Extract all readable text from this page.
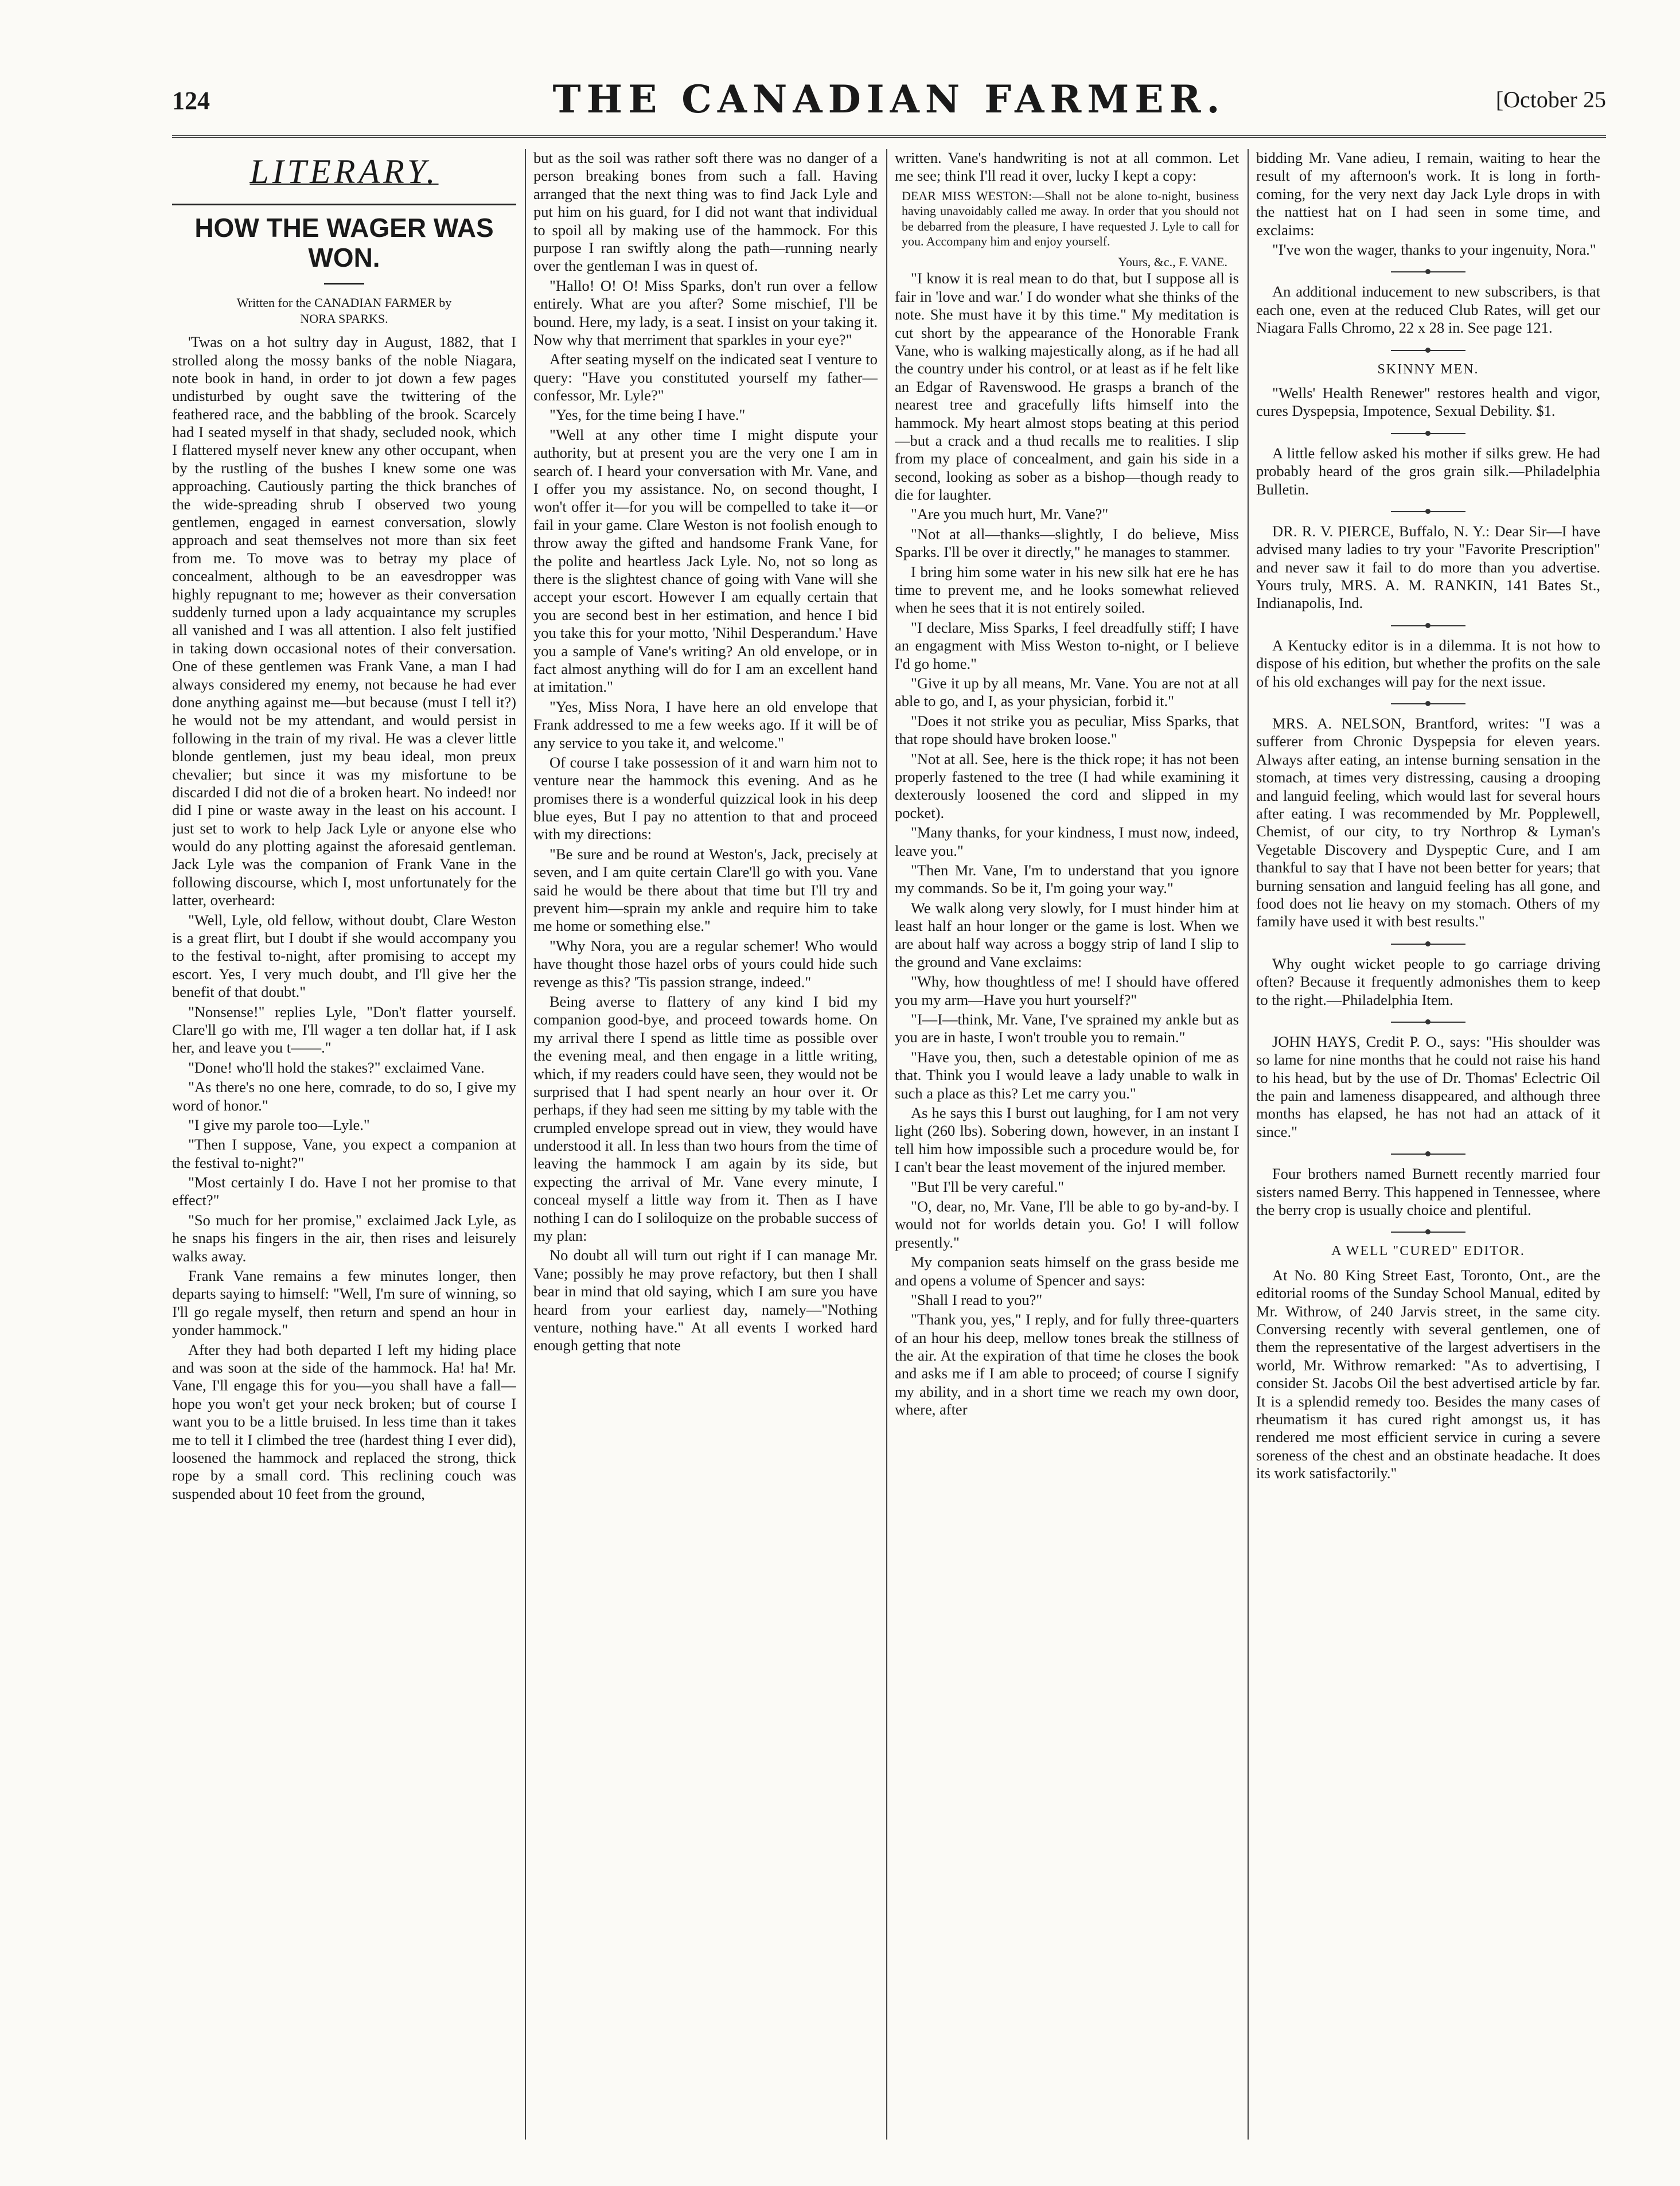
124	THE CANADIAN FARMER.	[October 25
LITERARY.
HOW THE WAGER WAS WON.
Written for the CANADIAN FARMER by
NORA SPARKS.

'Twas on a hot sultry day in August, 1882, that I strolled along the mossy banks of the noble Niagara, note book in hand, in order to jot down a few pages undisturbed by ought save the twittering of the feathered race, and the babbling of the brook. Scarcely had I seated myself in that shady, secluded nook, which I flattered myself never knew any other occupant, when by the rustling of the bushes I knew some one was approaching. Cautiously parting the thick branches of the wide-spreading shrub I observed two young gentlemen, engaged in earnest conversation, slowly approach and seat themselves not more than six feet from me. To move was to betray my place of concealment, although to be an eavesdropper was highly repugnant to me; however as their conversation suddenly turned upon a lady acquaintance my scruples all vanished and I was all attention. I also felt justified in taking down occasional notes of their conversation. One of these gentlemen was Frank Vane, a man I had always considered my enemy, not because he had ever done anything against me—but because (must I tell it?) he would not be my attendant, and would persist in following in the train of my rival. He was a clever little blonde gentlemen, just my beau ideal, mon preux chevalier; but since it was my misfortune to be discarded I did not die of a broken heart. No indeed! nor did I pine or waste away in the least on his account. I just set to work to help Jack Lyle or anyone else who would do any plotting against the aforesaid gentleman. Jack Lyle was the companion of Frank Vane in the following discourse, which I, most unfortunately for the latter, overheard:

"Well, Lyle, old fellow, without doubt, Clare Weston is a great flirt, but I doubt if she would accompany you to the festival to-night, after promising to accept my escort. Yes, I very much doubt, and I'll give her the benefit of that doubt."

"Nonsense!" replies Lyle, "Don't flatter yourself. Clare'll go with me, I'll wager a ten dollar hat, if I ask her, and leave you t——."

"Done! who'll hold the stakes?" exclaimed Vane.

"As there's no one here, comrade, to do so, I give my word of honor."

"I give my parole too—Lyle."

"Then I suppose, Vane, you expect a companion at the festival to-night?"

"Most certainly I do. Have I not her promise to that effect?"

"So much for her promise," exclaimed Jack Lyle, as he snaps his fingers in the air, then rises and leisurely walks away.

Frank Vane remains a few minutes longer, then departs saying to himself: "Well, I'm sure of winning, so I'll go regale myself, then return and spend an hour in yonder hammock."

After they had both departed I left my hiding place and was soon at the side of the hammock. Ha! ha! Mr. Vane, I'll engage this for you—you shall have a fall—hope you won't get your neck broken; but of course I want you to be a little bruised. In less time than it takes me to tell it I climbed the tree (hardest thing I ever did), loosened the hammock and replaced the strong, thick rope by a small cord. This reclining couch was suspended about 10 feet from the ground,

but as the soil was rather soft there was no danger of a person breaking bones from such a fall. Having arranged that the next thing was to find Jack Lyle and put him on his guard, for I did not want that individual to spoil all by making use of the hammock. For this purpose I ran swiftly along the path—running nearly over the gentleman I was in quest of.

"Hallo! O! O! Miss Sparks, don't run over a fellow entirely. What are you after? Some mischief, I'll be bound. Here, my lady, is a seat. I insist on your taking it. Now why that merriment that sparkles in your eye?"

After seating myself on the indicated seat I venture to query: "Have you constituted yourself my father—confessor, Mr. Lyle?"

"Yes, for the time being I have."

"Well at any other time I might dispute your authority, but at present you are the very one I am in search of. I heard your conversation with Mr. Vane, and I offer you my assistance. No, on second thought, I won't offer it—for you will be compelled to take it—or fail in your game. Clare Weston is not foolish enough to throw away the gifted and handsome Frank Vane, for the polite and heartless Jack Lyle. No, not so long as there is the slightest chance of going with Vane will she accept your escort. However I am equally certain that you are second best in her estimation, and hence I bid you take this for your motto, 'Nihil Desperandum.' Have you a sample of Vane's writing? An old envelope, or in fact almost anything will do for I am an excellent hand at imitation."

"Yes, Miss Nora, I have here an old envelope that Frank addressed to me a few weeks ago. If it will be of any service to you take it, and welcome."

Of course I take possession of it and warn him not to venture near the hammock this evening. And as he promises there is a wonderful quizzical look in his deep blue eyes, But I pay no attention to that and proceed with my directions:

"Be sure and be round at Weston's, Jack, precisely at seven, and I am quite certain Clare'll go with you. Vane said he would be there about that time but I'll try and prevent him—sprain my ankle and require him to take me home or something else."

"Why Nora, you are a regular schemer! Who would have thought those hazel orbs of yours could hide such revenge as this? 'Tis passion strange, indeed."

Being averse to flattery of any kind I bid my companion good-bye, and proceed towards home. On my arrival there I spend as little time as possible over the evening meal, and then engage in a little writing, which, if my readers could have seen, they would not be surprised that I had spent nearly an hour over it. Or perhaps, if they had seen me sitting by my table with the crumpled envelope spread out in view, they would have understood it all. In less than two hours from the time of leaving the hammock I am again by its side, but expecting the arrival of Mr. Vane every minute, I conceal myself a little way from it. Then as I have nothing I can do I soliloquize on the probable success of my plan:

No doubt all will turn out right if I can manage Mr. Vane; possibly he may prove refactory, but then I shall bear in mind that old saying, which I am sure you have heard from your earliest day, namely—"Nothing venture, nothing have." At all events I worked hard enough getting that note

written. Vane's handwriting is not at all common. Let me see; think I'll read it over, lucky I kept a copy:

DEAR MISS WESTON:—Shall not be alone to-night, business having unavoidably called me away. In order that you should not be debarred from the pleasure, I have requested J. Lyle to call for you. Accompany him and enjoy yourself.
Yours, &c., F. VANE.

"I know it is real mean to do that, but I suppose all is fair in 'love and war.' I do wonder what she thinks of the note. She must have it by this time." My meditation is cut short by the appearance of the Honorable Frank Vane, who is walking majestically along, as if he had all the country under his control, or at least as if he felt like an Edgar of Ravenswood. He grasps a branch of the nearest tree and gracefully lifts himself into the hammock. My heart almost stops beating at this period—but a crack and a thud recalls me to realities. I slip from my place of concealment, and gain his side in a second, looking as sober as a bishop—though ready to die for laughter.

"Are you much hurt, Mr. Vane?"

"Not at all—thanks—slightly, I do believe, Miss Sparks. I'll be over it directly," he manages to stammer.

I bring him some water in his new silk hat ere he has time to prevent me, and he looks somewhat relieved when he sees that it is not entirely soiled.

"I declare, Miss Sparks, I feel dreadfully stiff; I have an engagment with Miss Weston to-night, or I believe I'd go home."

"Give it up by all means, Mr. Vane. You are not at all able to go, and I, as your physician, forbid it."

"Does it not strike you as peculiar, Miss Sparks, that that rope should have broken loose."

"Not at all. See, here is the thick rope; it has not been properly fastened to the tree (I had while examining it dexterously loosened the cord and slipped in my pocket).

"Many thanks, for your kindness, I must now, indeed, leave you."

"Then Mr. Vane, I'm to understand that you ignore my commands. So be it, I'm going your way."

We walk along very slowly, for I must hinder him at least half an hour longer or the game is lost. When we are about half way across a boggy strip of land I slip to the ground and Vane exclaims:

"Why, how thoughtless of me! I should have offered you my arm—Have you hurt yourself?"

"I—I—think, Mr. Vane, I've sprained my ankle but as you are in haste, I won't trouble you to remain."

"Have you, then, such a detestable opinion of me as that. Think you I would leave a lady unable to walk in such a place as this? Let me carry you."

As he says this I burst out laughing, for I am not very light (260 lbs). Sobering down, however, in an instant I tell him how impossible such a procedure would be, for I can't bear the least movement of the injured member.

"But I'll be very careful."

"O, dear, no, Mr. Vane, I'll be able to go by-and-by. I would not for worlds detain you. Go! I will follow presently."

My companion seats himself on the grass beside me and opens a volume of Spencer and says:

"Shall I read to you?"

"Thank you, yes," I reply, and for fully three-quarters of an hour his deep, mellow tones break the stillness of the air. At the expiration of that time he closes the book and asks me if I am able to proceed; of course I signify my ability, and in a short time we reach my own door, where, after

bidding Mr. Vane adieu, I remain, waiting to hear the result of my afternoon's work. It is long in forth-coming, for the very next day Jack Lyle drops in with the nattiest hat on I had seen in some time, and exclaims:

"I've won the wager, thanks to your ingenuity, Nora."

An additional inducement to new subscribers, is that each one, even at the reduced Club Rates, will get our Niagara Falls Chromo, 22 x 28 in. See page 121.

SKINNY MEN.

"Wells' Health Renewer" restores health and vigor, cures Dyspepsia, Impotence, Sexual Debility. $1.

A little fellow asked his mother if silks grew. He had probably heard of the gros grain silk.—Philadelphia Bulletin.

DR. R. V. PIERCE, Buffalo, N. Y.: Dear Sir—I have advised many ladies to try your "Favorite Prescription" and never saw it fail to do more than you advertise. Yours truly, MRS. A. M. RANKIN, 141 Bates St., Indianapolis, Ind.

A Kentucky editor is in a dilemma. It is not how to dispose of his edition, but whether the profits on the sale of his old exchanges will pay for the next issue.

MRS. A. NELSON, Brantford, writes: "I was a sufferer from Chronic Dyspepsia for eleven years. Always after eating, an intense burning sensation in the stomach, at times very distressing, causing a drooping and languid feeling, which would last for several hours after eating. I was recommended by Mr. Popplewell, Chemist, of our city, to try Northrop & Lyman's Vegetable Discovery and Dyspeptic Cure, and I am thankful to say that I have not been better for years; that burning sensation and languid feeling has all gone, and food does not lie heavy on my stomach. Others of my family have used it with best results."

Why ought wicket people to go carriage driving often? Because it frequently admonishes them to keep to the right.—Philadelphia Item.

JOHN HAYS, Credit P. O., says: "His shoulder was so lame for nine months that he could not raise his hand to his head, but by the use of Dr. Thomas' Eclectric Oil the pain and lameness disappeared, and although three months has elapsed, he has not had an attack of it since."

Four brothers named Burnett recently married four sisters named Berry. This happened in Tennessee, where the berry crop is usually choice and plentiful.

A WELL "CURED" EDITOR.

At No. 80 King Street East, Toronto, Ont., are the editorial rooms of the Sunday School Manual, edited by Mr. Withrow, of 240 Jarvis street, in the same city. Conversing recently with several gentlemen, one of them the representative of the largest advertisers in the world, Mr. Withrow remarked: "As to advertising, I consider St. Jacobs Oil the best advertised article by far. It is a splendid remedy too. Besides the many cases of rheumatism it has cured right amongst us, it has rendered me most efficient service in curing a severe soreness of the chest and an obstinate headache. It does its work satisfactorily."
